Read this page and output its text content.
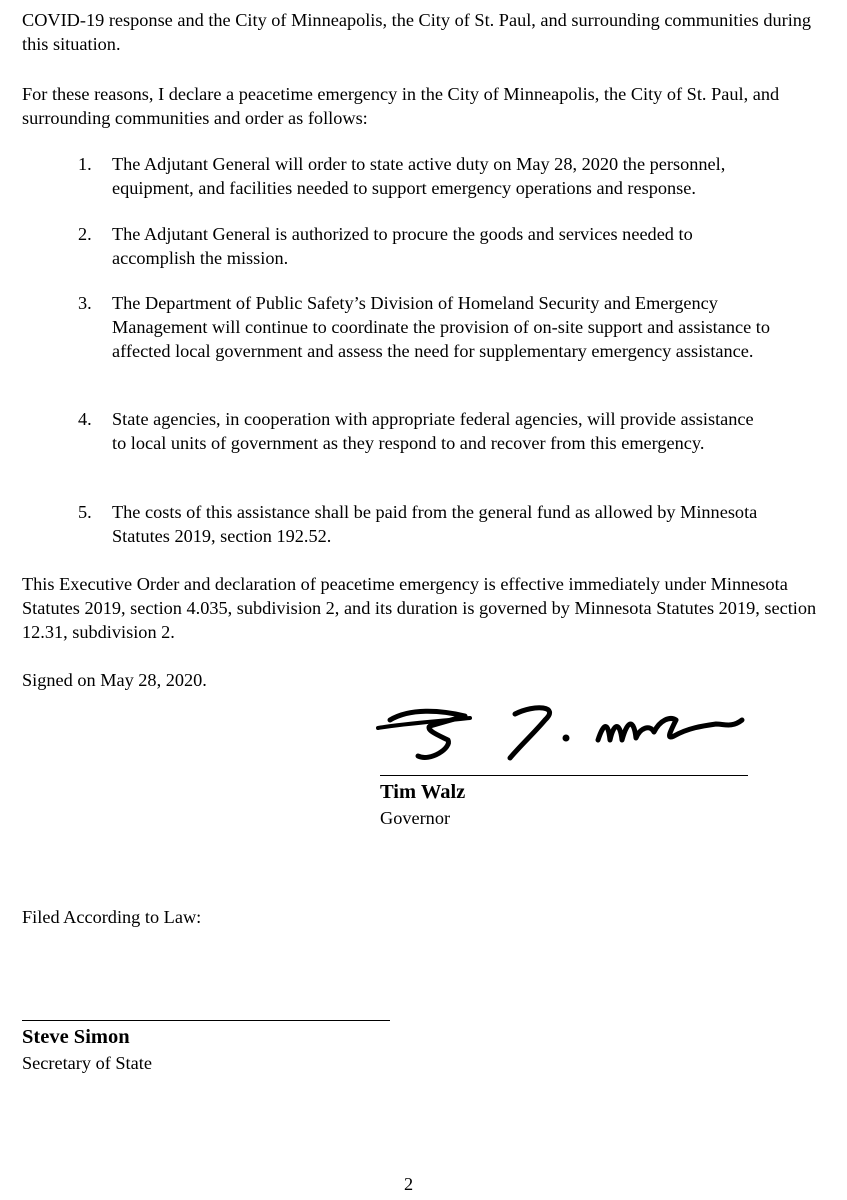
COVID-19 response and the City of Minneapolis, the City of St. Paul, and surrounding communities during this situation.

For these reasons, I declare a peacetime emergency in the City of Minneapolis, the City of St. Paul, and surrounding communities and order as follows:

1. The Adjutant General will order to state active duty on May 28, 2020 the personnel, equipment, and facilities needed to support emergency operations and response.
2. The Adjutant General is authorized to procure the goods and services needed to accomplish the mission.
3. The Department of Public Safety’s Division of Homeland Security and Emergency Management will continue to coordinate the provision of on-site support and assistance to affected local government and assess the need for supplementary emergency assistance.
4. State agencies, in cooperation with appropriate federal agencies, will provide assistance to local units of government as they respond to and recover from this emergency.
5. The costs of this assistance shall be paid from the general fund as allowed by Minnesota Statutes 2019, section 192.52.

This Executive Order and declaration of peacetime emergency is effective immediately under Minnesota Statutes 2019, section 4.035, subdivision 2, and its duration is governed by Minnesota Statutes 2019, section 12.31, subdivision 2.

Signed on May 28, 2020.

Tim Walz
Governor

Filed According to Law:

Steve Simon
Secretary of State
2
